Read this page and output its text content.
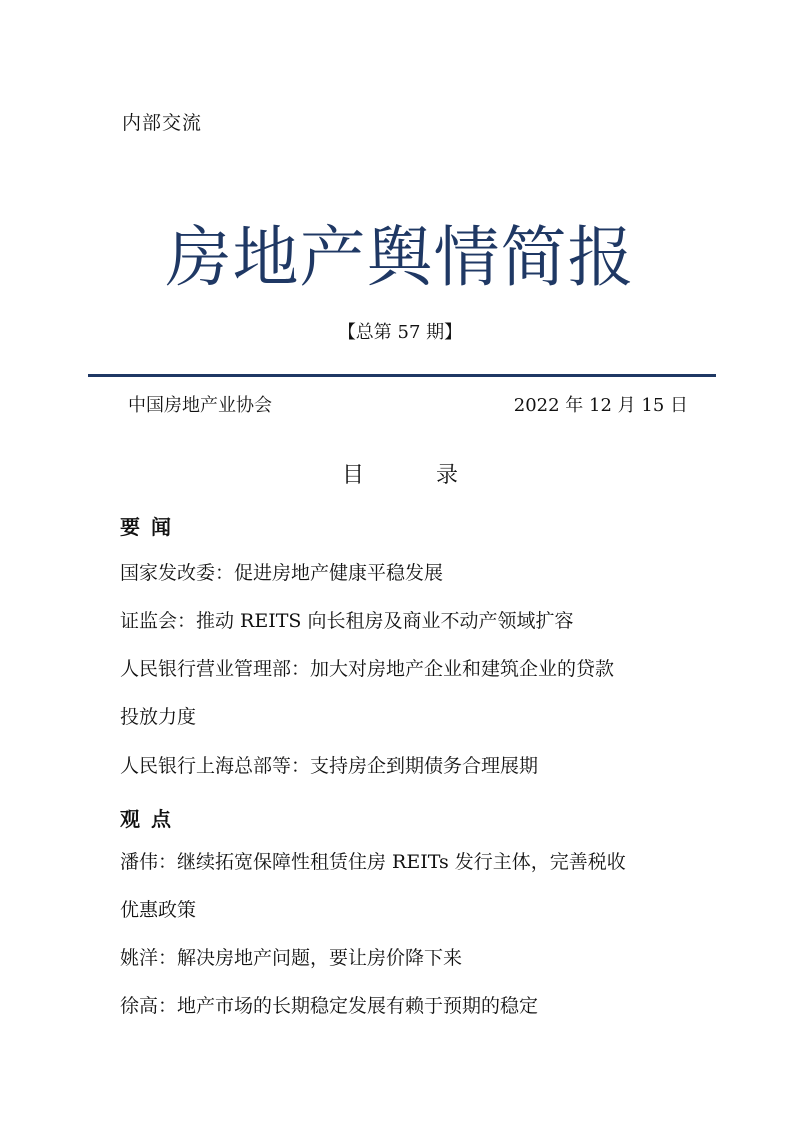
内部交流
房地产舆情简报
【总第 57 期】
中国房地产业协会	2022 年 12 月 15 日
目	录
要 闻
国家发改委：促进房地产健康平稳发展
证监会：推动 REITS 向长租房及商业不动产领域扩容
人民银行营业管理部：加大对房地产企业和建筑企业的贷款
投放力度
人民银行上海总部等：支持房企到期债务合理展期
观 点
潘伟：继续拓宽保障性租赁住房 REITs 发行主体，完善税收
优惠政策
姚洋：解决房地产问题，要让房价降下来
徐高：地产市场的长期稳定发展有赖于预期的稳定
